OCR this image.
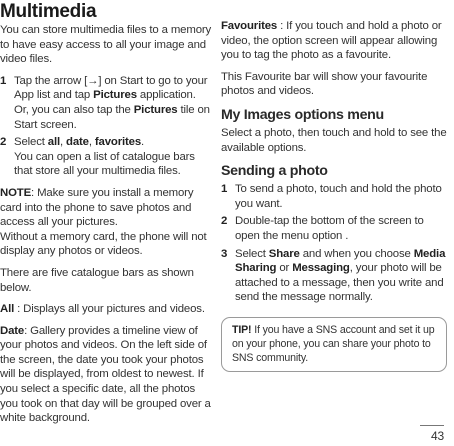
Multimedia

You can store multimedia files to a memory to have easy access to all your image and video files.

1 Tap the arrow [→] on Start to go to your App list and tap Pictures application. Or, you can also tap the Pictures tile on Start screen.
2 Select all, date, favorites.
You can open a list of catalogue bars that store all your multimedia files.

NOTE: Make sure you install a memory card into the phone to save photos and access all your pictures.
Without a memory card, the phone will not display any photos or videos.

There are five catalogue bars as shown below.

All : Displays all your pictures and videos.

Date: Gallery provides a timeline view of your photos and videos. On the left side of the screen, the date you took your photos will be displayed, from oldest to newest. If you select a specific date, all the photos you took on that day will be grouped over a white background.

Favourites : If you touch and hold a photo or video, the option screen will appear allowing you to tag the photo as a favourite.

This Favourite bar will show your favourite photos and videos.

My Images options menu

Select a photo, then touch and hold to see the available options.

Sending a photo
1 To send a photo, touch and hold the photo you want.
2 Double-tap the bottom of the screen to open the menu option .
3 Select Share and when you choose Media Sharing or Messaging, your photo will be attached to a message, then you write and send the message normally.
TIP! If you have a SNS account and set it up on your phone, you can share your photo to SNS community.
43
